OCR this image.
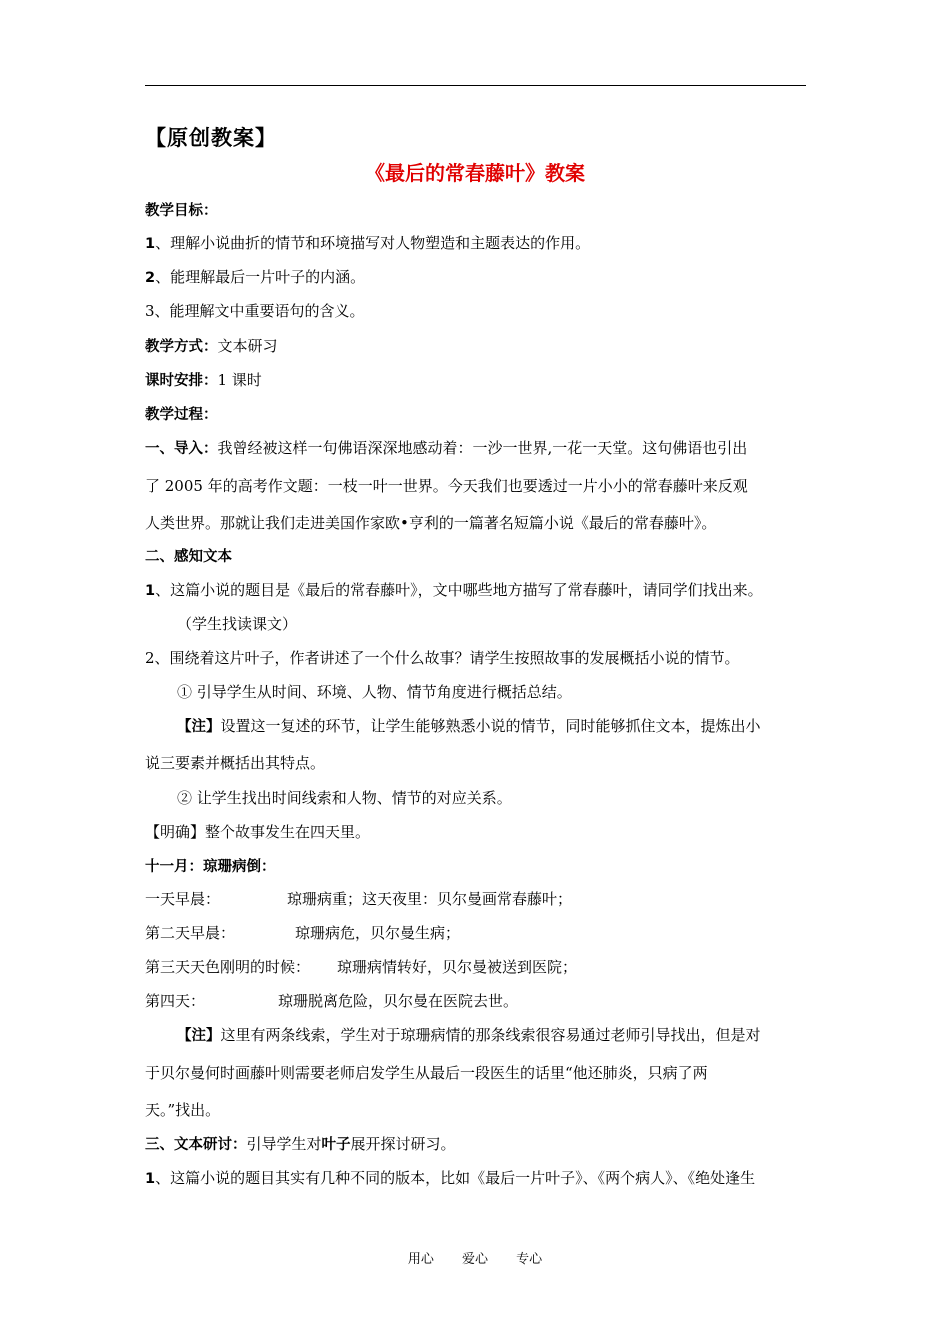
【原创教案】
《最后的常春藤叶》教案
教学目标：
1、理解小说曲折的情节和环境描写对人物塑造和主题表达的作用。
2、能理解最后一片叶子的内涵。
3、能理解文中重要语句的含义。
教学方式：文本研习
课时安排：1 课时
教学过程：
一、导入：我曾经被这样一句佛语深深地感动着：一沙一世界,一花一天堂。这句佛语也引出
了 2005 年的高考作文题：一枝一叶一世界。今天我们也要透过一片小小的常春藤叶来反观
人类世界。那就让我们走进美国作家欧•亨利的一篇著名短篇小说《最后的常春藤叶》。
二、感知文本
1、这篇小说的题目是《最后的常春藤叶》，文中哪些地方描写了常春藤叶，请同学们找出来。
（学生找读课文）
2、围绕着这片叶子，作者讲述了一个什么故事？请学生按照故事的发展概括小说的情节。
① 引导学生从时间、环境、人物、情节角度进行概括总结。
【注】设置这一复述的环节，让学生能够熟悉小说的情节，同时能够抓住文本，提炼出小
说三要素并概括出其特点。
② 让学生找出时间线索和人物、情节的对应关系。
【明确】整个故事发生在四天里。
十一月：琼珊病倒：
一天早晨：	琼珊病重；这天夜里：贝尔曼画常春藤叶；
第二天早晨：	琼珊病危，贝尔曼生病；
第三天天色刚明的时候： 琼珊病情转好，贝尔曼被送到医院；
第四天：	琼珊脱离危险，贝尔曼在医院去世。
【注】这里有两条线索，学生对于琼珊病情的那条线索很容易通过老师引导找出，但是对
于贝尔曼何时画藤叶则需要老师启发学生从最后一段医生的话里“他还肺炎，只病了两
天。”找出。
三、文本研讨：引导学生对叶子展开探讨研习。
1、这篇小说的题目其实有几种不同的版本，比如《最后一片叶子》、《两个病人》、《绝处逢生
用心 爱心 专心
